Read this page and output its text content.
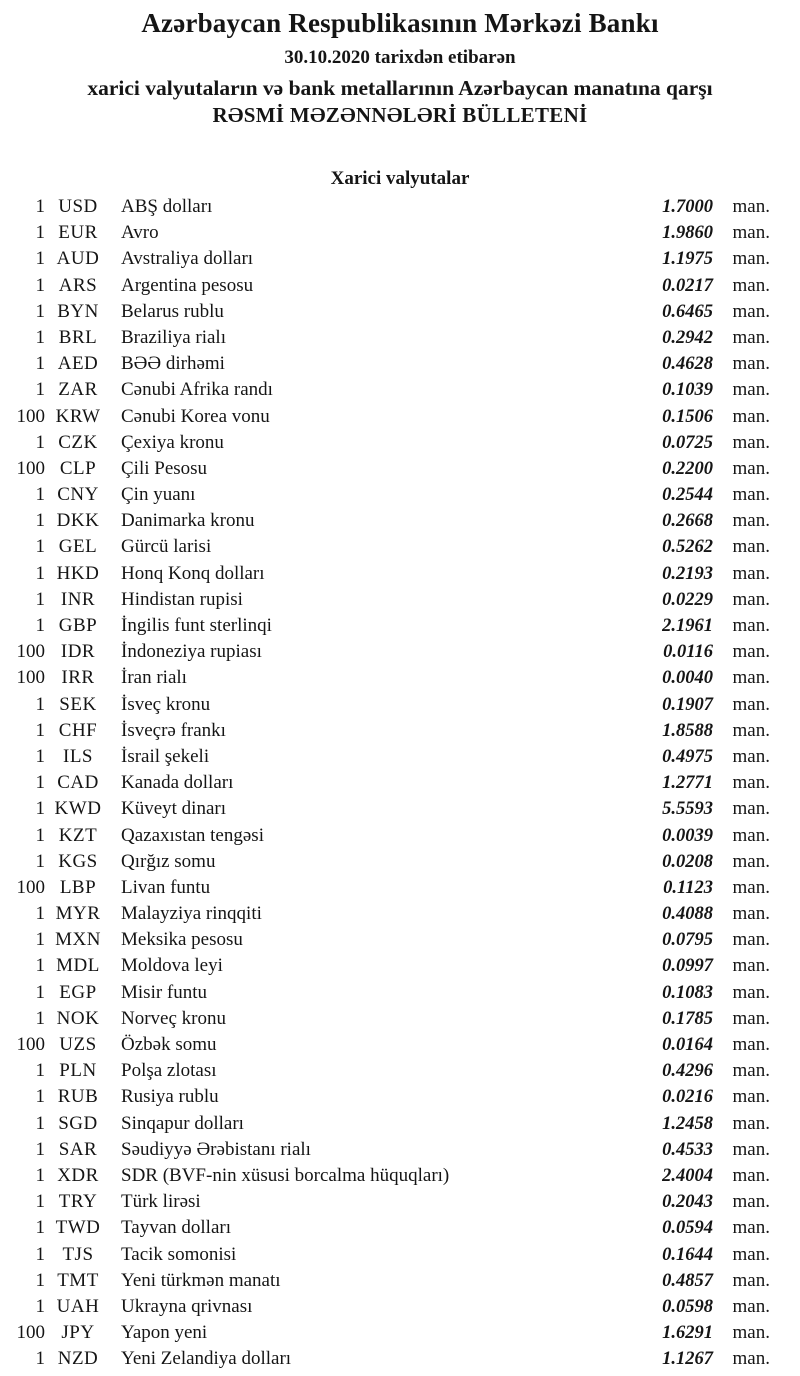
Azərbaycan Respublikasının Mərkəzi Bankı
30.10.2020 tarixdən etibarən
xarici valyutaların və bank metallarının Azərbaycan manatına qarşı
RƏSMİ MƏZƏNNƏLƏRİ BÜLLETENİ
Xarici valyutalar
1 USD	ABŞ dolları	1.7000	man.
1 EUR	Avro	1.9860	man.
1 AUD	Avstraliya dolları	1.1975	man.
1 ARS	Argentina pesosu	0.0217	man.
1 BYN	Belarus rublu	0.6465	man.
1 BRL	Braziliya rialı	0.2942	man.
1 AED	BƏƏ dirhəmi	0.4628	man.
1 ZAR	Cənubi Afrika randı	0.1039	man.
100 KRW	Cənubi Korea vonu	0.1506	man.
1 CZK	Çexiya kronu	0.0725	man.
100 CLP	Çili Pesosu	0.2200	man.
1 CNY	Çin yuanı	0.2544	man.
1 DKK	Danimarka kronu	0.2668	man.
1 GEL	Gürcü larisi	0.5262	man.
1 HKD	Honq Konq dolları	0.2193	man.
1 INR	Hindistan rupisi	0.0229	man.
1 GBP	İngilis funt sterlinqi	2.1961	man.
100 IDR	İndoneziya rupiası	0.0116	man.
100 IRR	İran rialı	0.0040	man.
1 SEK	İsveç kronu	0.1907	man.
1 CHF	İsveçrə frankı	1.8588	man.
1 ILS	İsrail şekeli	0.4975	man.
1 CAD	Kanada dolları	1.2771	man.
1 KWD	Küveyt dinarı	5.5593	man.
1 KZT	Qazaxıstan tengəsi	0.0039	man.
1 KGS	Qırğız somu	0.0208	man.
100 LBP	Livan funtu	0.1123	man.
1 MYR	Malayziya rinqqiti	0.4088	man.
1 MXN	Meksika pesosu	0.0795	man.
1 MDL	Moldova leyi	0.0997	man.
1 EGP	Misir funtu	0.1083	man.
1 NOK	Norveç kronu	0.1785	man.
100 UZS	Özbək somu	0.0164	man.
1 PLN	Polşa zlotası	0.4296	man.
1 RUB	Rusiya rublu	0.0216	man.
1 SGD	Sinqapur dolları	1.2458	man.
1 SAR	Səudiyyə Ərəbistanı rialı	0.4533	man.
1 XDR	SDR (BVF-nin xüsusi borcalma hüquqları)	2.4004	man.
1 TRY	Türk lirəsi	0.2043	man.
1 TWD	Tayvan dolları	0.0594	man.
1 TJS	Tacik somonisi	0.1644	man.
1 TMT	Yeni türkmən manatı	0.4857	man.
1 UAH	Ukrayna qrivnası	0.0598	man.
100 JPY	Yapon yeni	1.6291	man.
1 NZD	Yeni Zelandiya dolları	1.1267	man.
